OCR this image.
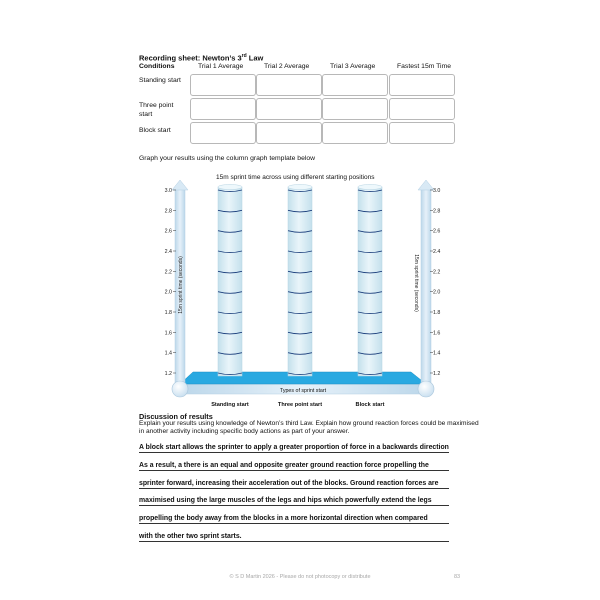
Recording sheet: Newton’s 3rd Law
Conditions	Trial 1 Average	Trial 2 Average	Trial 3 Average	Fastest 15m Time
Standing start
Three point start
Block start
Graph your results using the column graph template below
15m sprint time across using different starting positions
Standing start	Three point start	Block start
1.2	1.2
1.4	1.4
1.6	1.6
1.8	1.8
2.0	2.0
2.2	2.2
2.4	2.4
2.6	2.6
2.8	2.8
3.0	3.0
15m sprint time (seconds)	15m sprint time (seconds)
Types of sprint start
Discussion of results
Explain your results using knowledge of Newton’s third Law. Explain how ground reaction forces could be maximised in another activity including specific body actions as part of your answer.
A block start allows the sprinter to apply a greater proportion of force in a backwards direction
As a result, a there is an equal and opposite greater ground reaction force propelling the
sprinter forward, increasing their acceleration out of the blocks. Ground reaction forces are
maximised using the large muscles of the legs and hips which powerfully extend the legs
propelling the body away from the blocks in a more horizontal direction when compared
with the other two sprint starts.
© S D Martin 2026 - Please do not photocopy or distribute	83
